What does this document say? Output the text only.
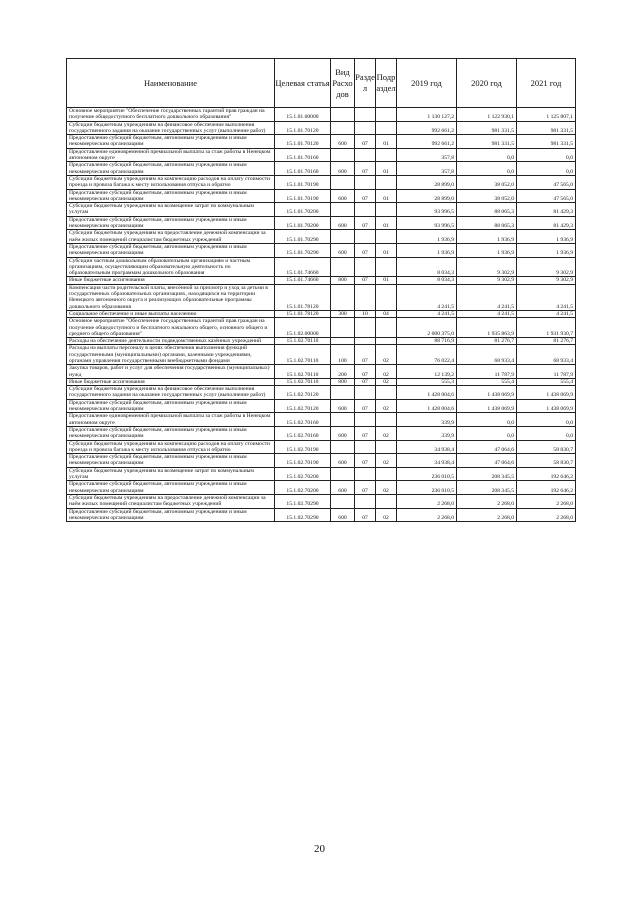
Наименование	Целевая статья	Вид Расхо дов	Разде л	Подр аздел	2019 год	2020 год	2021 год
Основное мероприятие "Обеспечение государственных гарантий прав граждан на получение общедоступного бесплатного дошкольного образования"	15.1.01.00000				1 130 127,2	1 122 930,1	1 125 807,1
Субсидии бюджетным учреждениям на финансовое обеспечение выполнения государственного задания на оказание государственных услуг (выполнение работ)	15.1.01.70120				992 661,2	981 331,5	981 331,5
Предоставление субсидий бюджетным, автономным учреждениям и иным некоммерческим организациям	15.1.01.70120	600	07	01	992 661,2	981 331,5	981 331,5
Предоставление единовременной премиальной выплаты за стаж работы в Ненецком автономном округе	15.1.01.70160				357,8	0,0	0,0
Предоставление субсидий бюджетным, автономным учреждениям и иным некоммерческим организациям	15.1.01.70160	600	07	01	357,8	0,0	0,0
Субсидии бюджетным учреждениям на компенсацию расходов на оплату стоимости проезда и провоза багажа к месту использования отпуска и обратно	15.1.01.70190				28 899,0	38 052,0	47 565,0
Предоставление субсидий бюджетным, автономным учреждениям и иным некоммерческим организациям	15.1.01.70190	600	07	01	28 899,0	38 052,0	47 565,0
Субсидии бюджетным учреждениям на возмещение затрат по коммунальным услугам	15.1.01.70200				93 996,5	88 065,3	81 429,3
Предоставление субсидий бюджетным, автономным учреждениям и иным некоммерческим организациям	15.1.01.70200	600	07	01	93 996,5	88 065,3	81 429,3
Субсидии бюджетным учреждениям на предоставление денежной компенсации за наём жилых помещений специалистам бюджетных учреждений	15.1.01.70290				1 936,9	1 936,9	1 936,9
Предоставление субсидий бюджетным, автономным учреждениям и иным некоммерческим организациям	15.1.01.70290	600	07	01	1 936,9	1 936,9	1 936,9
Субсидии частным дошкольным образовательным организациям и частным организациям, осуществляющим образовательную деятельность по образовательным программам дошкольного образования	15.1.01.74660				8 034,3	9 302,9	9 302,9
Иные бюджетные ассигнования	15.1.01.74660	800	07	01	8 034,3	9 302,9	9 302,9
Компенсация части родительской платы, внесённой за присмотр и уход за детьми в государственных образовательных организациях, находящихся на территории Ненецкого автономного округа и реализующих образовательные программы дошкольного образования	15.1.01.78120				4 241,5	4 241,5	4 241,5
Социальное обеспечение и иные выплаты населению	15.1.01.78120	300	10	04	4 241,5	4 241,5	4 241,5
Основное мероприятие "Обеспечение государственных гарантий прав граждан на получение общедоступного и бесплатного начального общего, основного общего и среднего общего образования"	15.1.02.00000				2 000 375,0	1 935 863,9	1 931 930,7
Расходы на обеспечение деятельности подведомственных казённых учреждений	15.1.02.70110				88 716,9	81 276,7	81 276,7
Расходы на выплаты персоналу в целях обеспечения выполнения функций государственными (муниципальными) органами, казенными учреждениями, органами управления государственными внебюджетными фондами	15.1.02.70110	100	07	02	76 022,4	68 933,4	68 933,4
Закупка товаров, работ и услуг для обеспечения государственных (муниципальных) нужд	15.1.02.70110	200	07	02	12 139,2	11 787,9	11 787,9
Иные бюджетные ассигнования	15.1.02.70110	800	07	02	555,3	555,4	555,4
Субсидии бюджетным учреждениям на финансовое обеспечение выполнения государственного задания на оказание государственных услуг (выполнение работ)	15.1.02.70120				1 428 004,6	1 438 069,9	1 438 069,9
Предоставление субсидий бюджетным, автономным учреждениям и иным некоммерческим организациям	15.1.02.70120	600	07	02	1 428 004,6	1 438 069,9	1 438 069,9
Предоставление единовременной премиальной выплаты за стаж работы в Ненецком автономном округе	15.1.02.70160				339,9	0,0	0,0
Предоставление субсидий бюджетным, автономным учреждениям и иным некоммерческим организациям	15.1.02.70160	600	07	02	339,9	0,0	0,0
Субсидии бюджетным учреждениям на компенсацию расходов на оплату стоимости проезда и провоза багажа к месту использования отпуска и обратно	15.1.02.70190				34 938,4	47 064,6	58 830,7
Предоставление субсидий бюджетным, автономным учреждениям и иным некоммерческим организациям	15.1.02.70190	600	07	02	34 938,4	47 064,6	58 830,7
Субсидии бюджетным учреждениям на возмещение затрат по коммунальным услугам	15.1.02.70200				236 010,5	208 345,5	192 646,2
Предоставление субсидий бюджетным, автономным учреждениям и иным некоммерческим организациям	15.1.02.70200	600	07	02	236 010,5	208 345,5	192 646,2
Субсидии бюджетным учреждениям на предоставление денежной компенсации за наём жилых помещений специалистам бюджетных учреждений	15.1.02.70290				2 268,0	2 268,0	2 268,0
Предоставление субсидий бюджетным, автономным учреждениям и иным некоммерческим организациям	15.1.02.70290	600	07	02	2 268,0	2 268,0	2 268,0
20
